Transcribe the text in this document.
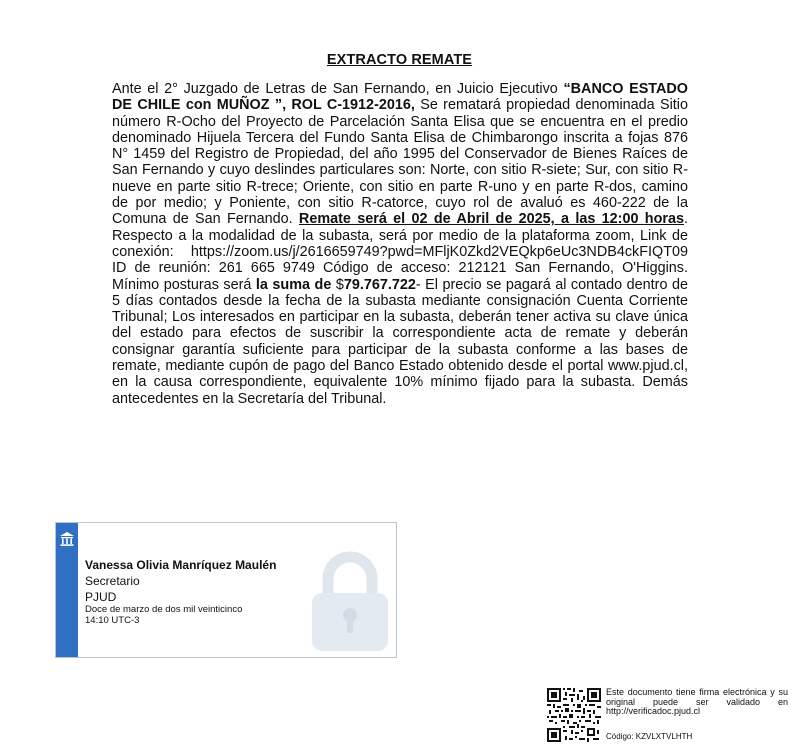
EXTRACTO REMATE
Ante el 2° Juzgado de Letras de San Fernando, en Juicio Ejecutivo “BANCO ESTADO DE CHILE con MUÑOZ ”, ROL C-1912-2016, Se rematará propiedad denominada Sitio número R-Ocho del Proyecto de Parcelación Santa Elisa que se encuentra en el predio denominado Hijuela Tercera del Fundo Santa Elisa de Chimbarongo inscrita a fojas 876 N° 1459 del Registro de Propiedad, del año 1995 del Conservador de Bienes Raíces de San Fernando y cuyo deslindes particulares son: Norte, con sitio R-siete; Sur, con sitio R-nueve en parte sitio R-trece; Oriente, con sitio en parte R-uno y en parte R-dos, camino de por medio; y Poniente, con sitio R-catorce, cuyo rol de avaluó es 460-222 de la Comuna de San Fernando. Remate será el 02 de Abril de 2025, a las 12:00 horas. Respecto a la modalidad de la subasta, será por medio de la plataforma zoom, Link de conexión: https://zoom.us/j/2616659749?pwd=MFljK0Zkd2VEQkp6eUc3NDB4ckFIQT09 ID de reunión: 261 665 9749 Código de acceso: 212121 San Fernando, O'Higgins. Mínimo posturas será la suma de $79.767.722- El precio se pagará al contado dentro de 5 días contados desde la fecha de la subasta mediante consignación Cuenta Corriente Tribunal; Los interesados en participar en la subasta, deberán tener activa su clave única del estado para efectos de suscribir la correspondiente acta de remate y deberán consignar garantía suficiente para participar de la subasta conforme a las bases de remate, mediante cupón de pago del Banco Estado obtenido desde el portal www.pjud.cl, en la causa correspondiente, equivalente 10% mínimo fijado para la subasta. Demás antecedentes en la Secretaría del Tribunal.
Vanessa Olivia Manríquez Maulén
Secretario
PJUD
Doce de marzo de dos mil veinticinco
14:10 UTC-3
Este documento tiene firma electrónica y su original puede ser validado en http://verificadoc.pjud.cl
Código: KZVLXTVLHTH
